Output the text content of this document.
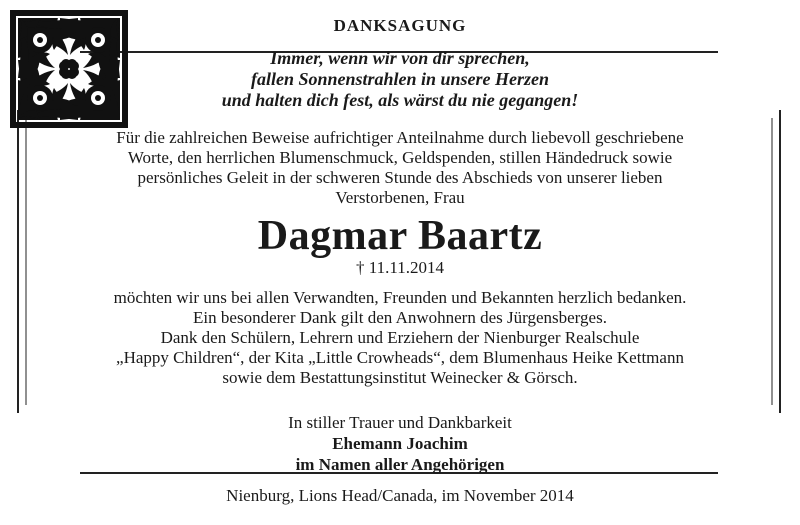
DANKSAGUNG
Immer, wenn wir von dir sprechen,
fallen Sonnenstrahlen in unsere Herzen
und halten dich fest, als wärst du nie gegangen!
Für die zahlreichen Beweise aufrichtiger Anteilnahme durch liebevoll geschriebene
Worte, den herrlichen Blumenschmuck, Geldspenden, stillen Händedruck sowie
persönliches Geleit in der schweren Stunde des Abschieds von unserer lieben
Verstorbenen, Frau
Dagmar Baartz
† 11.11.2014
möchten wir uns bei allen Verwandten, Freunden und Bekannten herzlich bedanken.
Ein besonderer Dank gilt den Anwohnern des Jürgensberges.
Dank den Schülern, Lehrern und Erziehern der Nienburger Realschule
„Happy Children“, der Kita „Little Crowheads“, dem Blumenhaus Heike Kettmann
sowie dem Bestattungsinstitut Weinecker & Görsch.
In stiller Trauer und Dankbarkeit
Ehemann Joachim
im Namen aller Angehörigen
Nienburg, Lions Head/Canada, im November 2014
